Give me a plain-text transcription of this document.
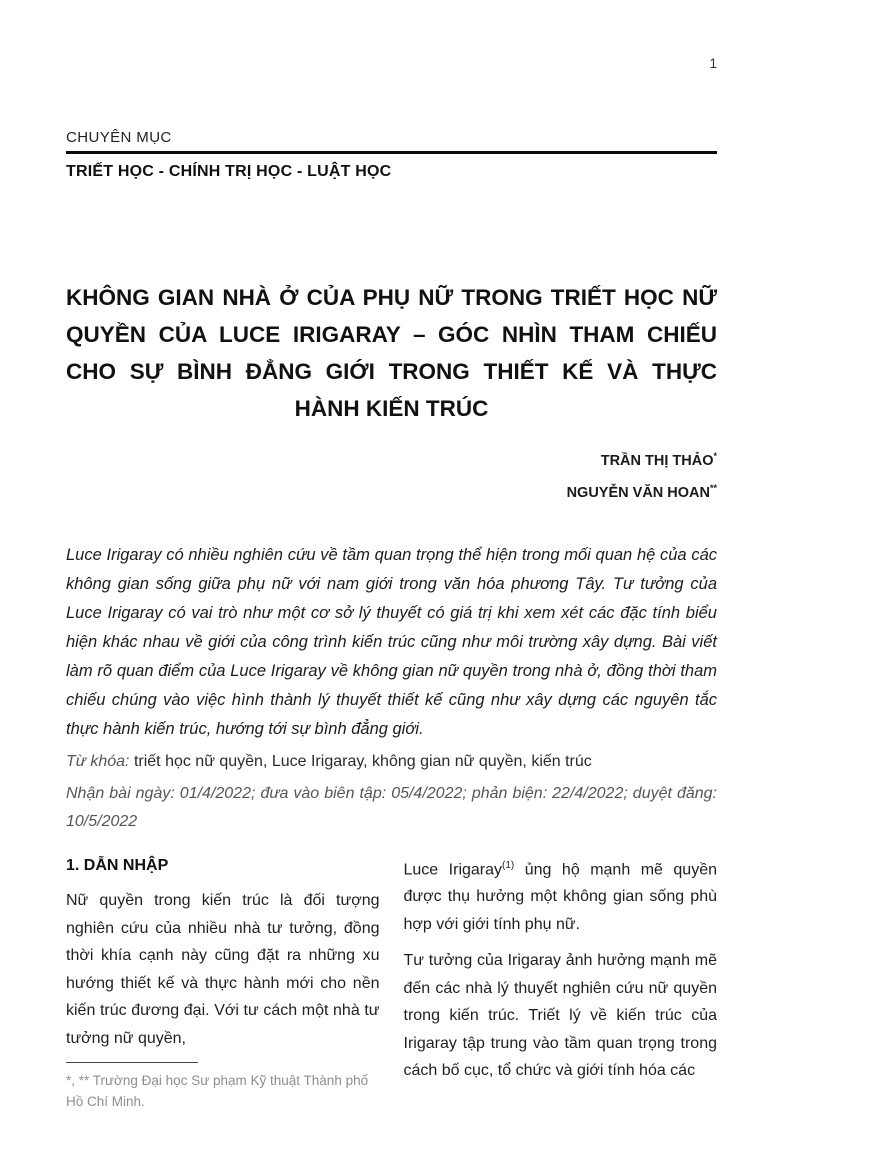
1
CHUYÊN MỤC
TRIẾT HỌC - CHÍNH TRỊ HỌC - LUẬT HỌC
KHÔNG GIAN NHÀ Ở CỦA PHỤ NỮ TRONG TRIẾT HỌC NỮ QUYỀN CỦA LUCE IRIGARAY – GÓC NHÌN THAM CHIẾU CHO SỰ BÌNH ĐẲNG GIỚI TRONG THIẾT KẾ VÀ THỰC HÀNH KIẾN TRÚC
TRẦN THỊ THẢO*
NGUYỄN VĂN HOAN**

Luce Irigaray có nhiều nghiên cứu về tầm quan trọng thể hiện trong mối quan hệ của các không gian sống giữa phụ nữ với nam giới trong văn hóa phương Tây. Tư tưởng của Luce Irigaray có vai trò như một cơ sở lý thuyết có giá trị khi xem xét các đặc tính biểu hiện khác nhau về giới của công trình kiến trúc cũng như môi trường xây dựng. Bài viết làm rõ quan điểm của Luce Irigaray về không gian nữ quyền trong nhà ở, đồng thời tham chiếu chúng vào việc hình thành lý thuyết thiết kế cũng như xây dựng các nguyên tắc thực hành kiến trúc, hướng tới sự bình đẳng giới.

Từ khóa: triết học nữ quyền, Luce Irigaray, không gian nữ quyền, kiến trúc

Nhận bài ngày: 01/4/2022; đưa vào biên tập: 05/4/2022; phản biện: 22/4/2022; duyệt đăng: 10/5/2022

1. DẪN NHẬP

Nữ quyền trong kiến trúc là đối tượng nghiên cứu của nhiều nhà tư tưởng, đồng thời khía cạnh này cũng đặt ra những xu hướng thiết kế và thực hành mới cho nền kiến trúc đương đại. Với tư cách một nhà tư tưởng nữ quyền,

*, ** Trường Đại học Sư phạm Kỹ thuật Thành phố Hồ Chí Minh.

Luce Irigaray$^{(1)}$ ủng hộ mạnh mẽ quyền được thụ hưởng một không gian sống phù hợp với giới tính phụ nữ.

Tư tưởng của Irigaray ảnh hưởng mạnh mẽ đến các nhà lý thuyết nghiên cứu nữ quyền trong kiến trúc. Triết lý về kiến trúc của Irigaray tập trung vào tầm quan trọng trong cách bố cục, tổ chức và giới tính hóa các
